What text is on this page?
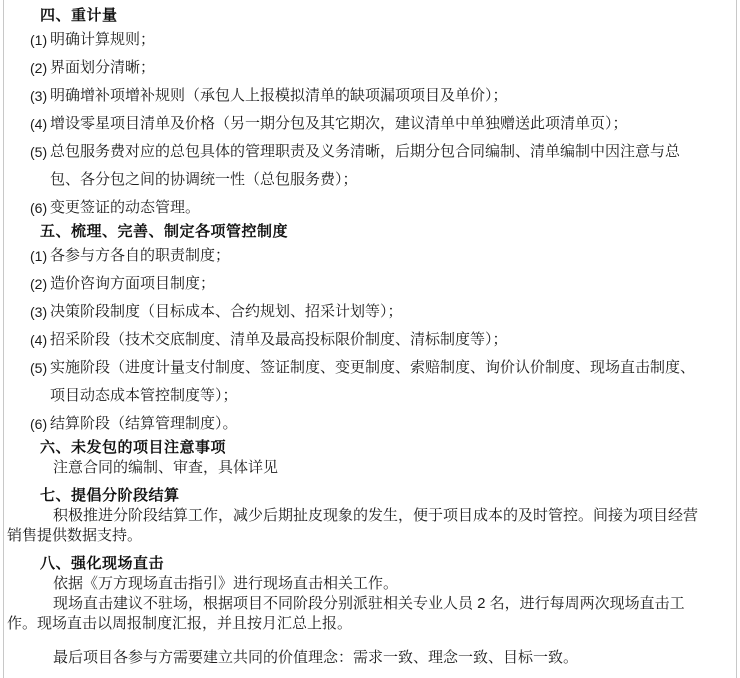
四、重计量
(1) 明确计算规则；
(2) 界面划分清晰；
(3) 明确增补项增补规则（承包人上报模拟清单的缺项漏项项目及单价）；
(4) 增设零星项目清单及价格（另一期分包及其它期次，建议清单中单独赠送此项清单页）；
(5) 总包服务费对应的总包具体的管理职责及义务清晰，后期分包合同编制、清单编制中因注意与总包、各分包之间的协调统一性（总包服务费）；
(6) 变更签证的动态管理。
五、梳理、完善、制定各项管控制度
(1) 各参与方各自的职责制度；
(2) 造价咨询方面项目制度；
(3) 决策阶段制度（目标成本、合约规划、招采计划等）；
(4) 招采阶段（技术交底制度、清单及最高投标限价制度、清标制度等）；
(5) 实施阶段（进度计量支付制度、签证制度、变更制度、索赔制度、询价认价制度、现场直击制度、项目动态成本管控制度等）；
(6) 结算阶段（结算管理制度）。
六、未发包的项目注意事项

注意合同的编制、审查，具体详见

七、提倡分阶段结算

积极推进分阶段结算工作，减少后期扯皮现象的发生，便于项目成本的及时管控。间接为项目经营销售提供数据支持。

八、强化现场直击

依据《万方现场直击指引》进行现场直击相关工作。

现场直击建议不驻场，根据项目不同阶段分别派驻相关专业人员 2 名，进行每周两次现场直击工作。现场直击以周报制度汇报，并且按月汇总上报。

最后项目各参与方需要建立共同的价值理念：需求一致、理念一致、目标一致。
